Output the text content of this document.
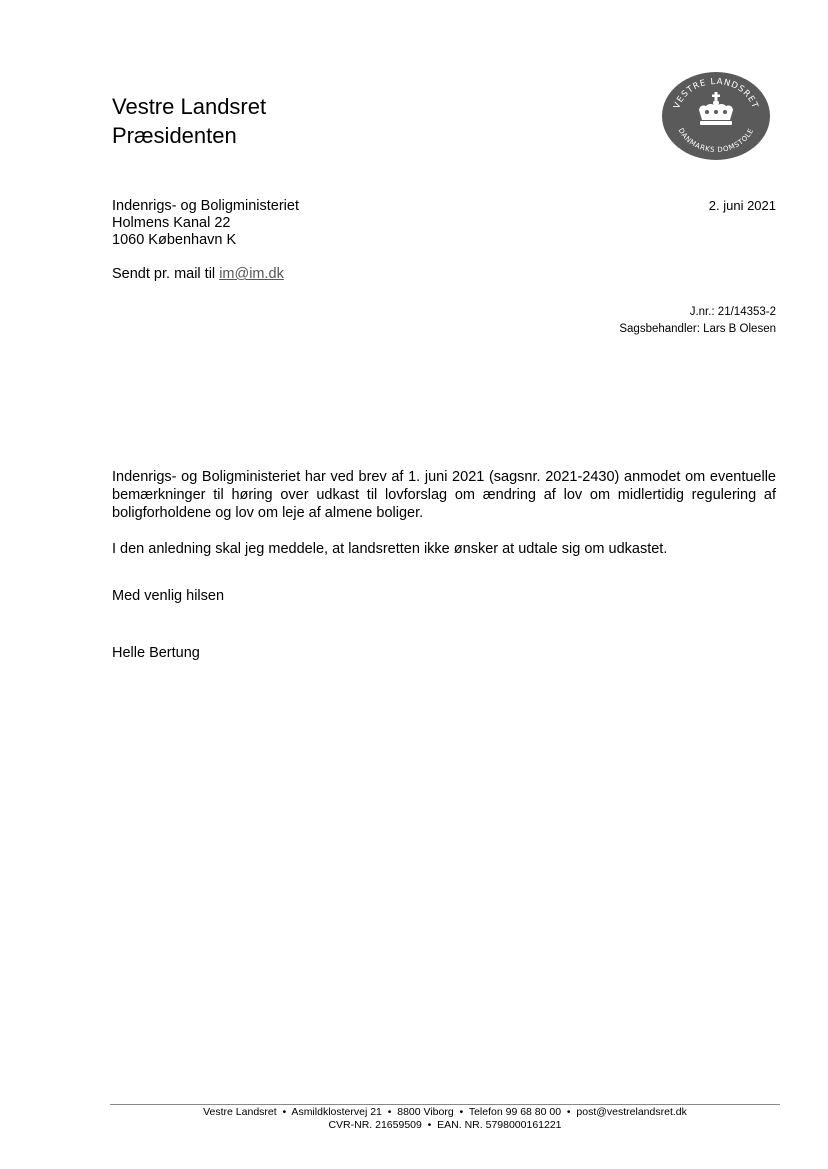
Vestre Landsret
Præsidenten
VESTRE LANDSRET
DANMARKS DOMSTOLE
Indenrigs- og Boligministeriet
Holmens Kanal 22
1060 København K
2. juni 2021
Sendt pr. mail til im@im.dk
J.nr.: 21/14353-2
Sagsbehandler: Lars B Olesen

Indenrigs- og Boligministeriet har ved brev af 1. juni 2021 (sagsnr. 2021-2430) anmodet om eventuelle bemærkninger til høring over udkast til lovforslag om ændring af lov om midlertidig regulering af boligforholdene og lov om leje af almene boliger.

I den anledning skal jeg meddele, at landsretten ikke ønsker at udtale sig om udkastet.

Med venlig hilsen
Helle Bertung
Vestre Landsret  •  Asmildklostervej 21  •  8800 Viborg  •  Telefon 99 68 80 00  •  post@vestrelandsret.dk
CVR-NR. 21659509  •  EAN. NR. 5798000161221
